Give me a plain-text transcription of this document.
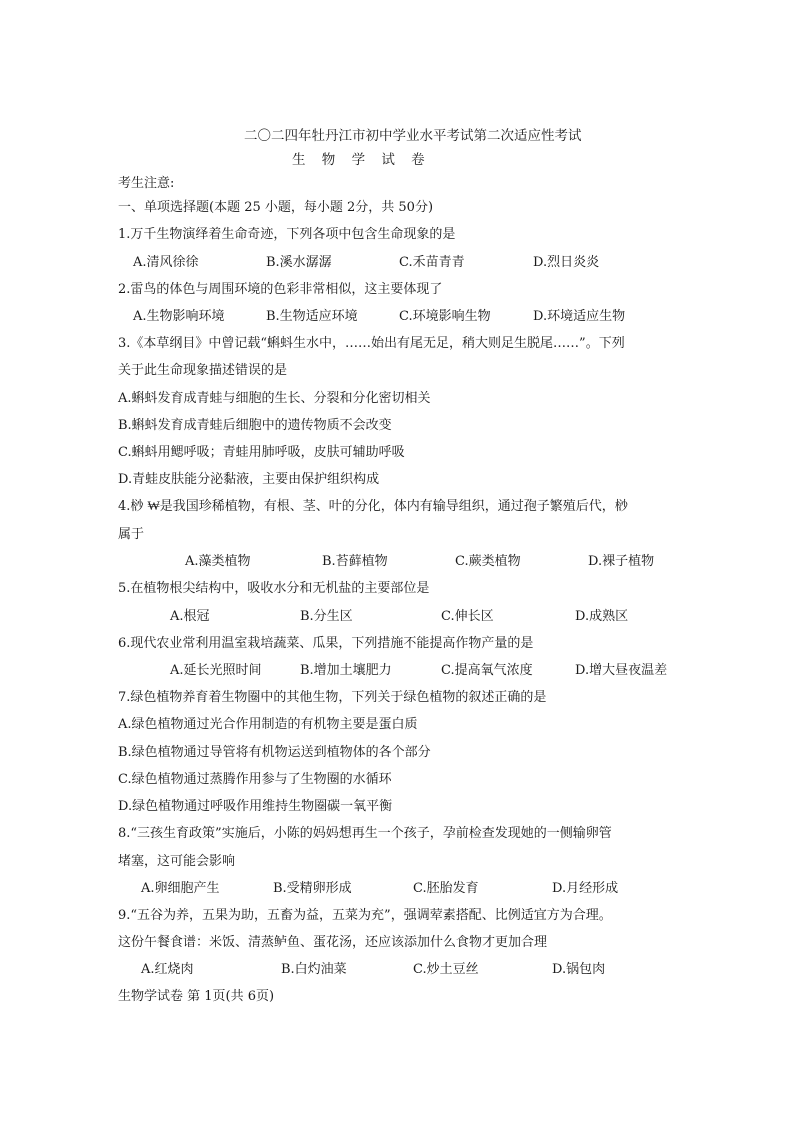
二〇二四年牡丹江市初中学业水平考试第二次适应性考试
生 物 学 试 卷
考生注意:
一、单项选择题(本题 25 小题，每小题 2分，共 50分)
1.万千生物演绎着生命奇迹，下列各项中包含生命现象的是
A.清风徐徐	B.溪水潺潺	C.禾苗青青	D.烈日炎炎
2.雷鸟的体色与周围环境的色彩非常相似，这主要体现了
A.生物影响环境	B.生物适应环境	C.环境影响生物	D.环境适应生物
3.《本草纲目》中曾记载“蝌蚪生水中，……始出有尾无足，稍大则足生脱尾……”。下列
关于此生命现象描述错误的是
A.蝌蚪发育成青蛙与细胞的生长、分裂和分化密切相关
B.蝌蚪发育成青蛙后细胞中的遗传物质不会改变
C.蝌蚪用鳃呼吸；青蛙用肺呼吸，皮肤可辅助呼吸
D.青蛙皮肤能分泌黏液，主要由保护组织构成
4.桫 ₩是我国珍稀植物，有根、茎、叶的分化，体内有输导组织，通过孢子繁殖后代，桫
属于
A.藻类植物	B.苔藓植物	C.蕨类植物	D.裸子植物
5.在植物根尖结构中，吸收水分和无机盐的主要部位是
A.根冠	B.分生区	C.伸长区	D.成熟区
6.现代农业常利用温室栽培蔬菜、瓜果，下列措施不能提高作物产量的是
A.延长光照时间	B.增加土壤肥力	C.提高氧气浓度	D.增大昼夜温差
7.绿色植物养育着生物圈中的其他生物，下列关于绿色植物的叙述正确的是
A.绿色植物通过光合作用制造的有机物主要是蛋白质
B.绿色植物通过导管将有机物运送到植物体的各个部分
C.绿色植物通过蒸腾作用参与了生物圈的水循环
D.绿色植物通过呼吸作用维持生物圈碳一氧平衡
8.“三孩生育政策”实施后，小陈的妈妈想再生一个孩子，孕前检查发现她的一侧输卵管
堵塞，这可能会影响
A.卵细胞产生	B.受精卵形成	C.胚胎发育	D.月经形成
9.“五谷为养，五果为助，五畜为益，五菜为充”，强调荤素搭配、比例适宜方为合理。
这份午餐食谱：米饭、清蒸鲈鱼、蛋花汤，还应该添加什么食物才更加合理
A.红烧肉	B.白灼油菜	C.炒土豆丝	D.锅包肉
生物学试卷 第 1页(共 6页)
